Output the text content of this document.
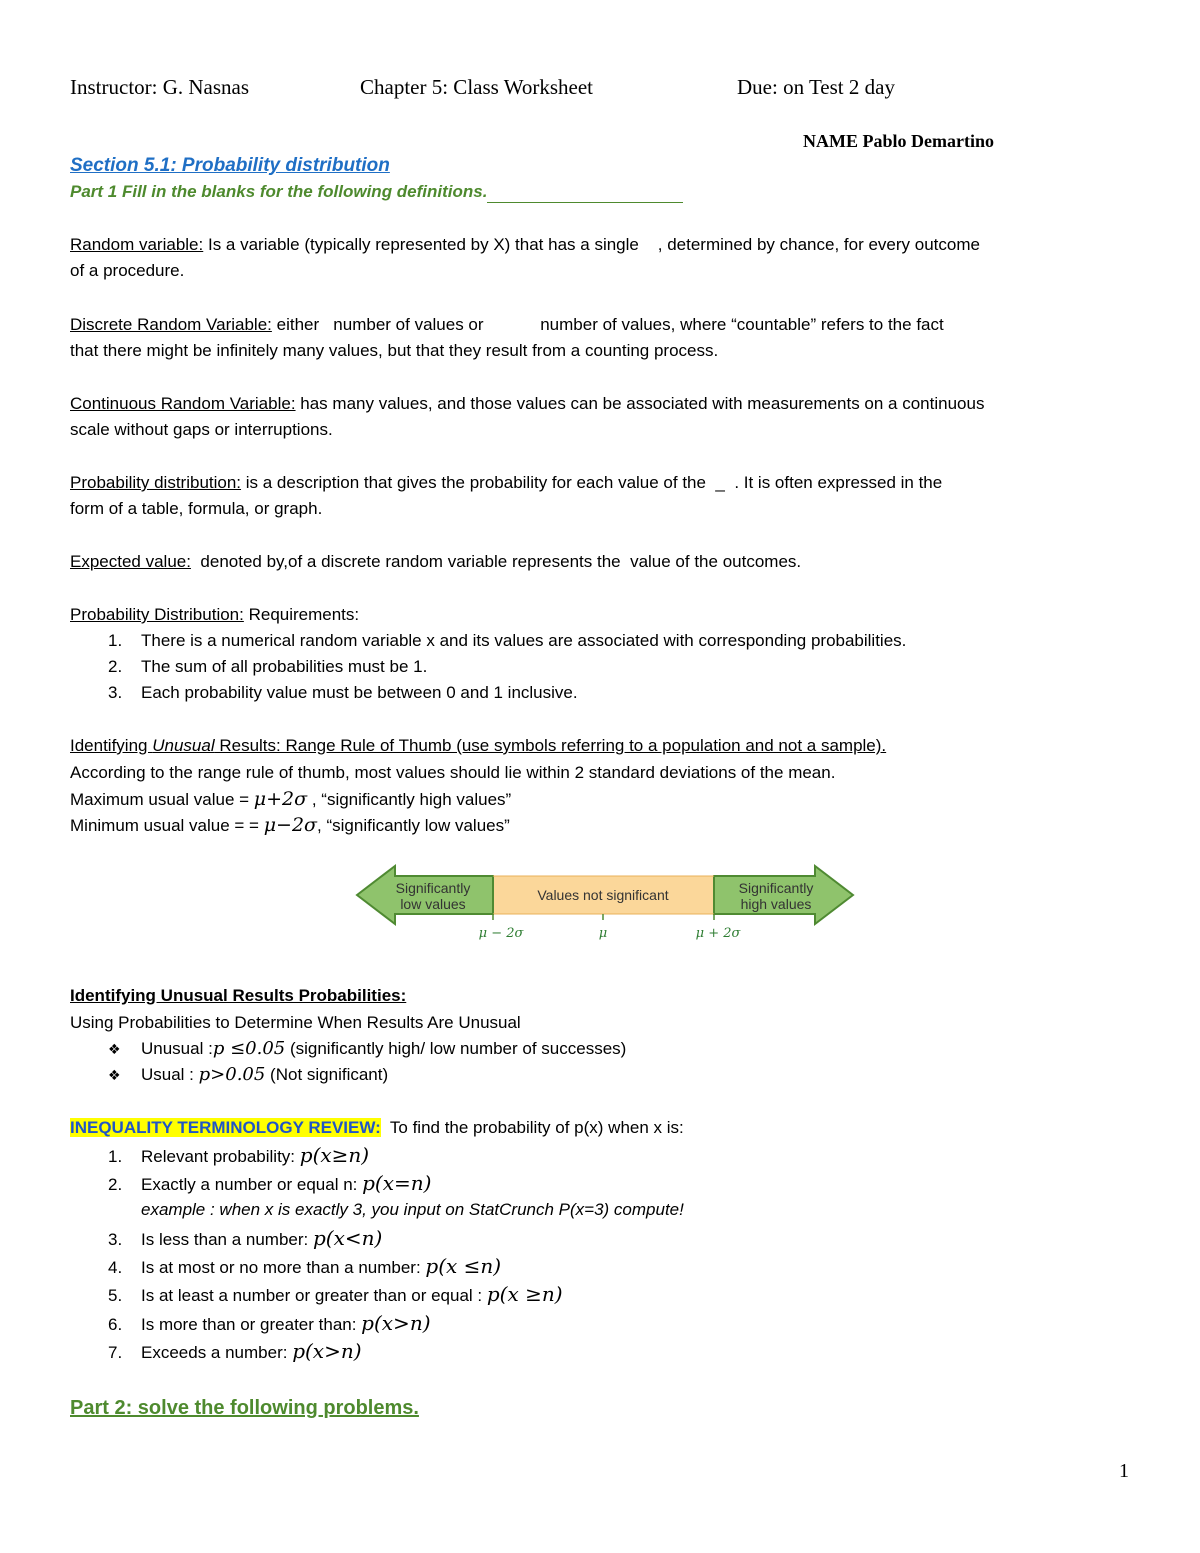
Instructor: G. Nasnas	Chapter 5: Class Worksheet	Due: on Test 2 day
NAME Pablo Demartino
Section 5.1: Probability distribution
Part 1 Fill in the blanks for the following definitions.
Random variable: Is a variable (typically represented by X) that has a single    , determined by chance, for every outcome
of a procedure.
Discrete Random Variable: either   number of values or            number of values, where “countable” refers to the fact
that there might be infinitely many values, but that they result from a counting process.
Continuous Random Variable: has many values, and those values can be associated with measurements on a continuous
scale without gaps or interruptions.
Probability distribution: is a description that gives the probability for each value of the  _  . It is often expressed in the
form of a table, formula, or graph.
Expected value:  denoted by,of a discrete random variable represents the  value of the outcomes.
Probability Distribution: Requirements:
1. There is a numerical random variable x and its values are associated with corresponding probabilities.
2. The sum of all probabilities must be 1.
3. Each probability value must be between 0 and 1 inclusive.
Identifying Unusual Results: Range Rule of Thumb (use symbols referring to a population and not a sample).
According to the range rule of thumb, most values should lie within 2 standard deviations of the mean.
Maximum usual value = μ+2σ , “significantly high values”
Minimum usual value = = μ−2σ, “significantly low values”
Significantly
low values
Values not significant	Significantly
high values
μ − 2σ	μ	μ + 2σ
Identifying Unusual Results Probabilities:
Using Probabilities to Determine When Results Are Unusual
❖ Unusual :p ≤0.05 (significantly high/ low number of successes)
❖ Usual : p>0.05 (Not significant)
INEQUALITY TERMINOLOGY REVIEW:  To find the probability of p(x) when x is:
1. Relevant probability: p(x≥n)
2. Exactly a number or equal n: p(x=n)
example : when x is exactly 3, you input on StatCrunch P(x=3) compute!
3. Is less than a number: p(x<n)
4. Is at most or no more than a number: p(x ≤n)
5. Is at least a number or greater than or equal : p(x ≥n)
6. Is more than or greater than: p(x>n)
7. Exceeds a number: p(x>n)
Part 2: solve the following problems.
1
